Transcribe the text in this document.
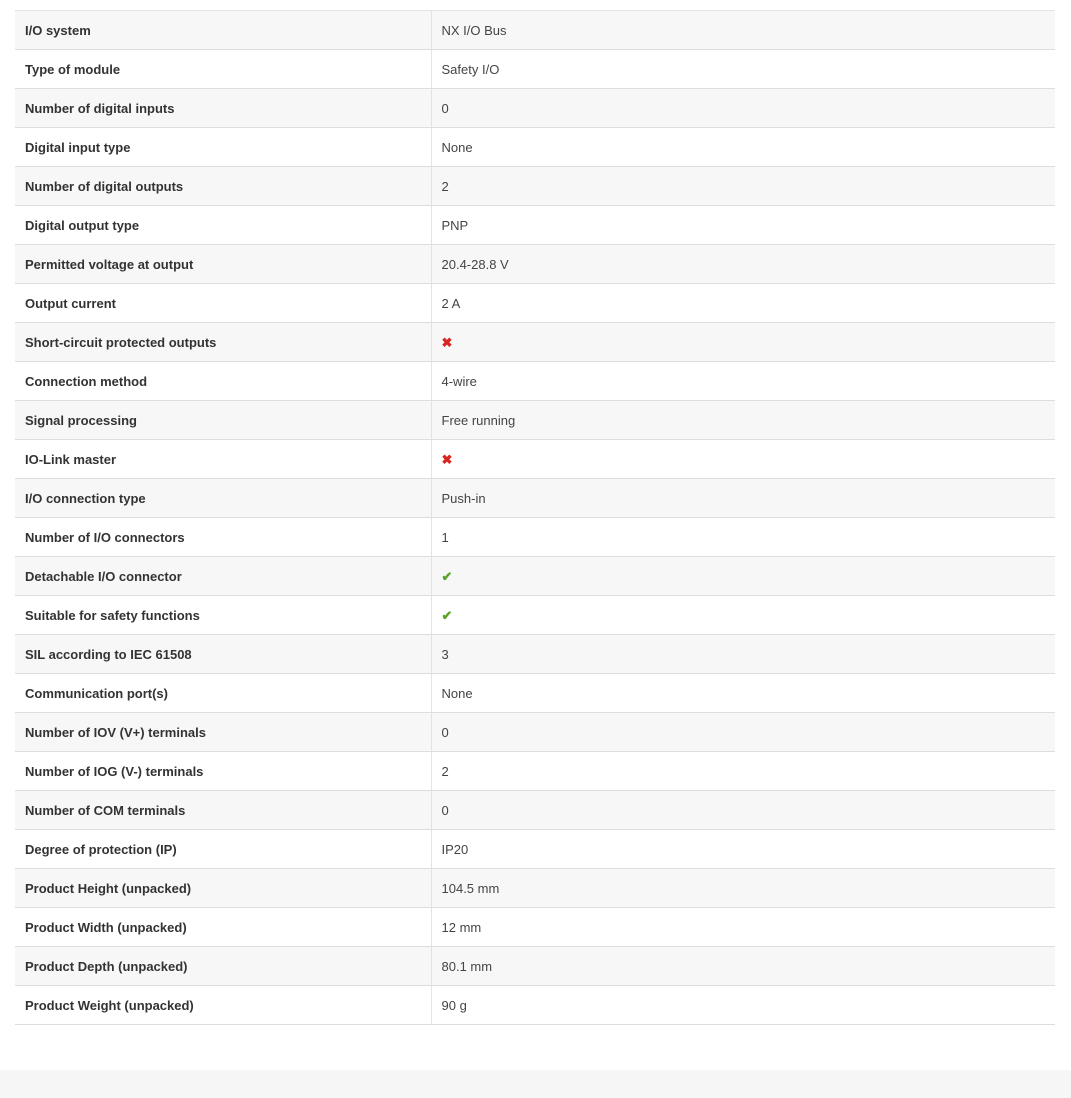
I/O system	NX I/O Bus
Type of module	Safety I/O
Number of digital inputs	0
Digital input type	None
Number of digital outputs	2
Digital output type	PNP
Permitted voltage at output	20.4-28.8 V
Output current	2 A
Short-circuit protected outputs	✖
Connection method	4-wire
Signal processing	Free running
IO-Link master	✖
I/O connection type	Push-in
Number of I/O connectors	1
Detachable I/O connector	✔
Suitable for safety functions	✔
SIL according to IEC 61508	3
Communication port(s)	None
Number of IOV (V+) terminals	0
Number of IOG (V-) terminals	2
Number of COM terminals	0
Degree of protection (IP)	IP20
Product Height (unpacked)	104.5 mm
Product Width (unpacked)	12 mm
Product Depth (unpacked)	80.1 mm
Product Weight (unpacked)	90 g
